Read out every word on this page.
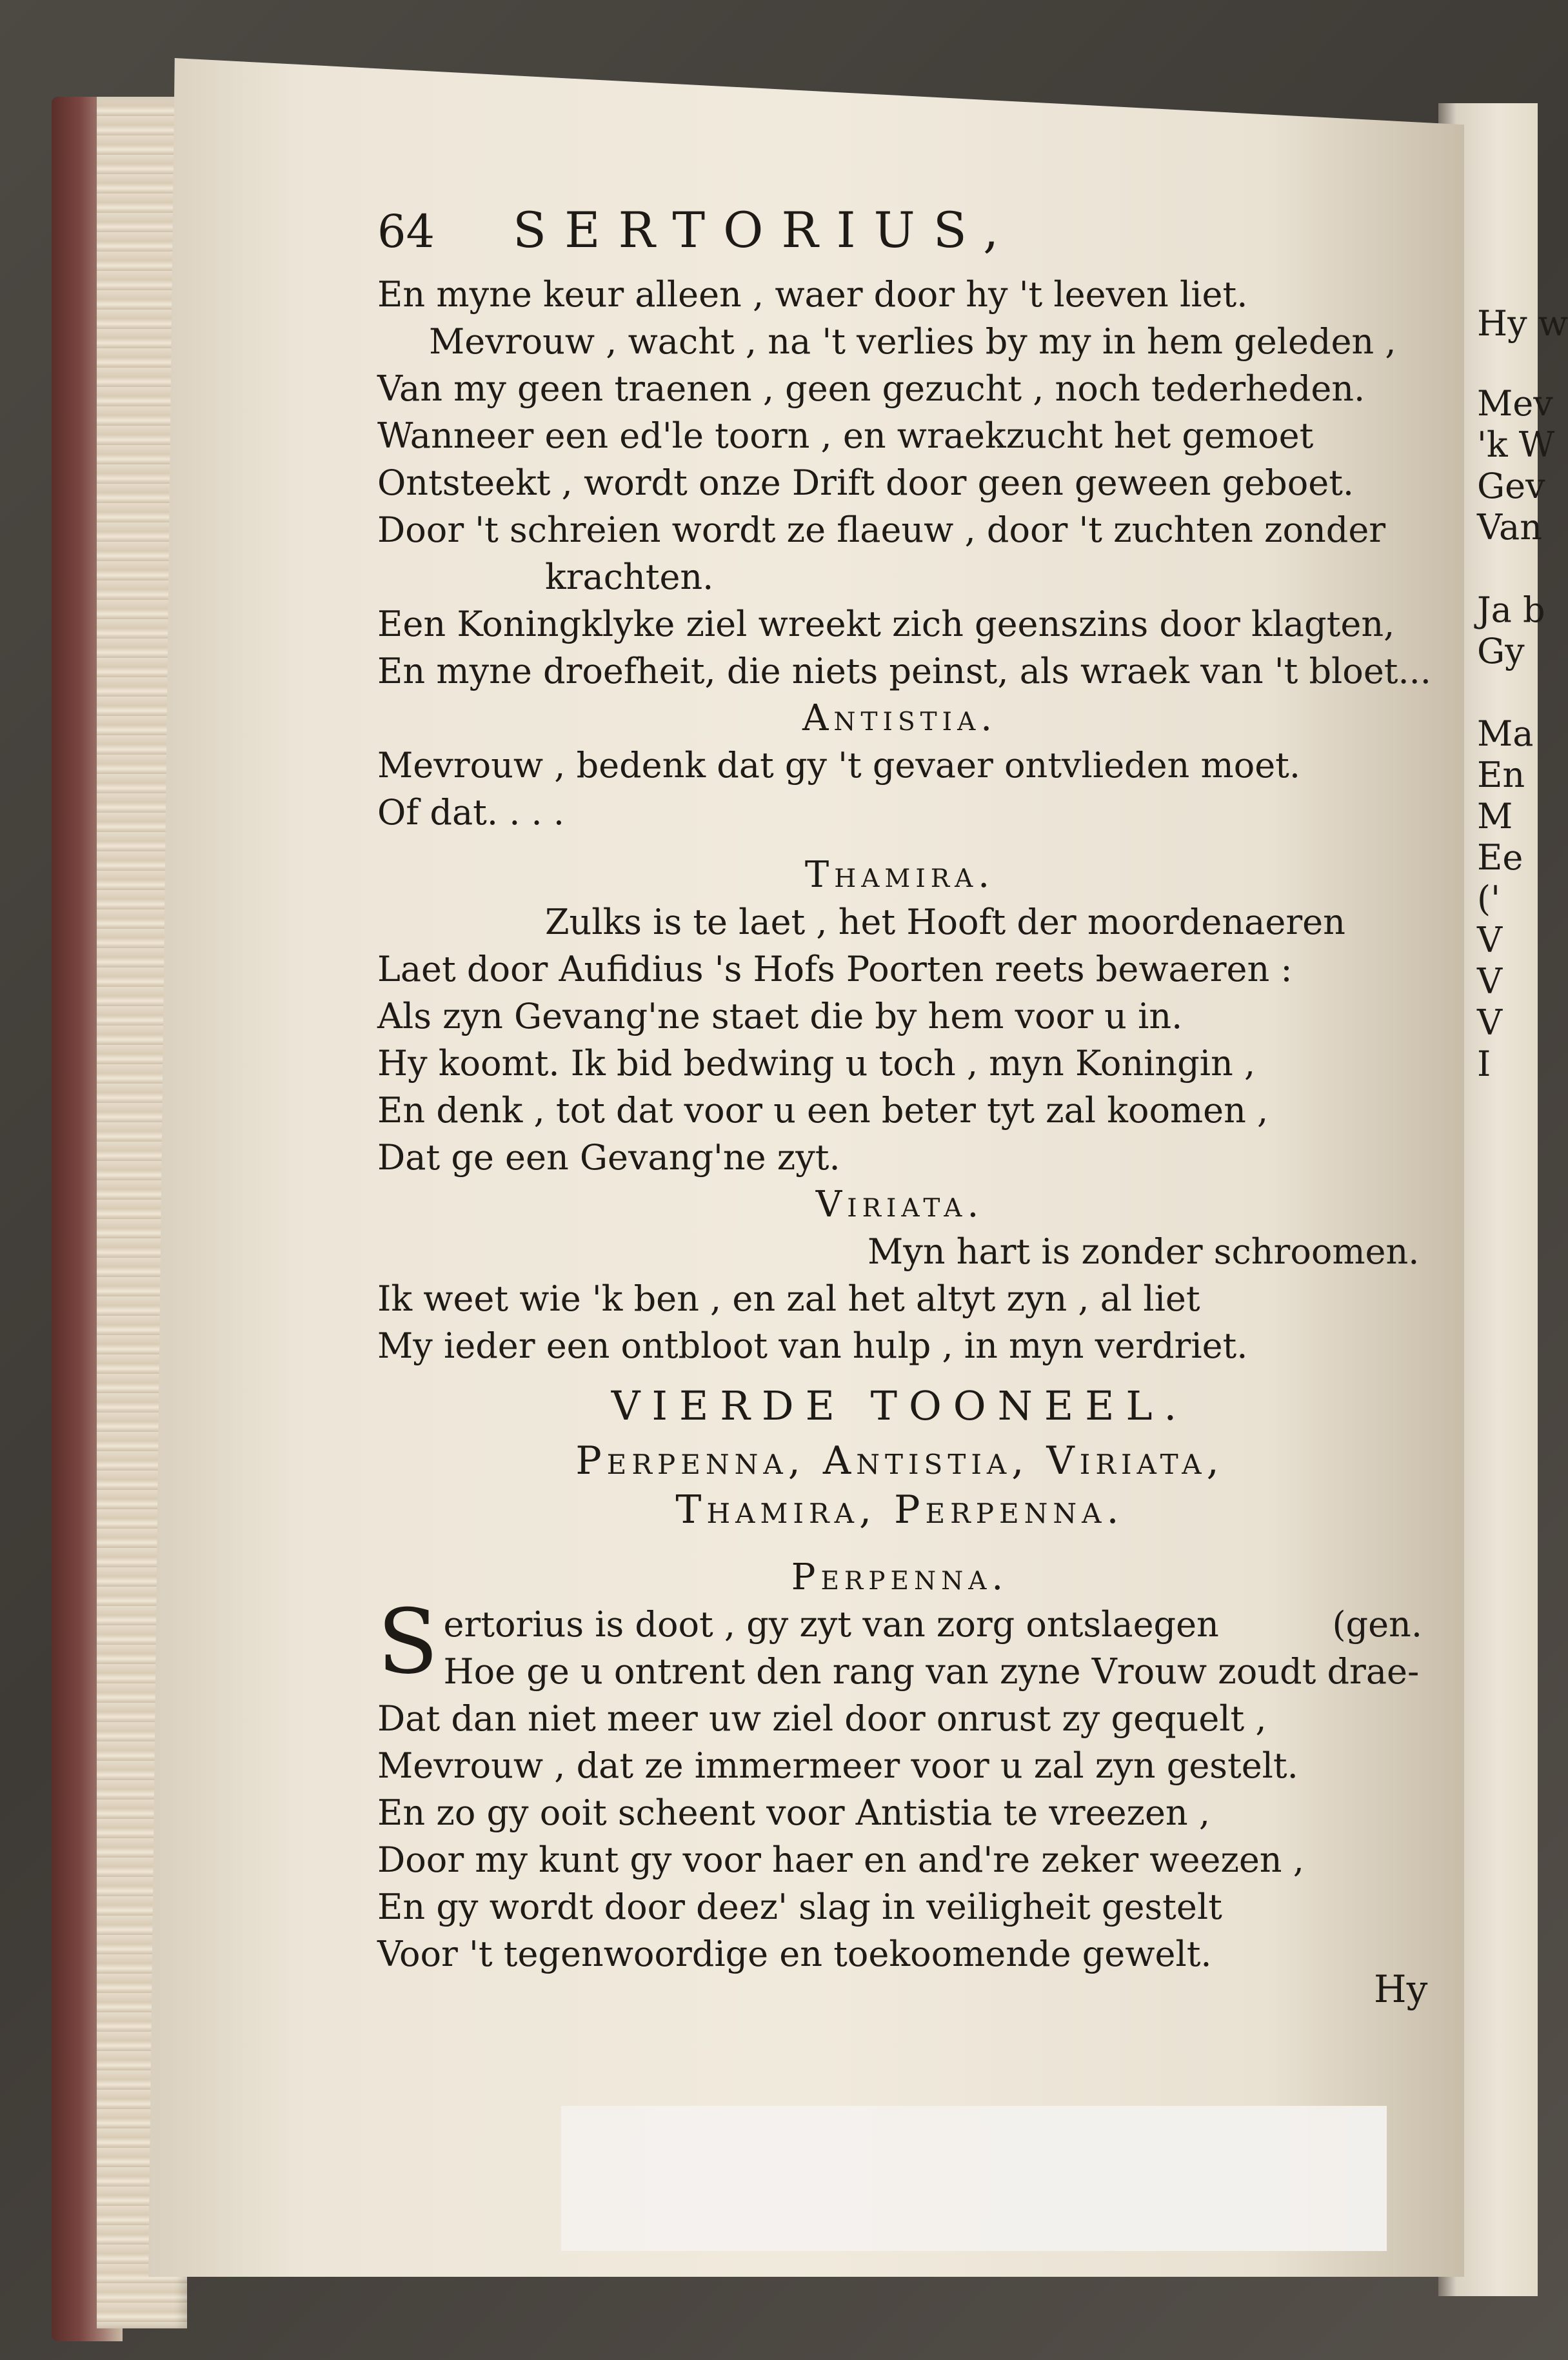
Hy w
Mev
'k W
Gev
Van
Ja b
Gy
Ma
En
M
Ee
('
V
V
V
I
64	SERTORIUS,
En myne keur alleen , waer door hy 't leeven liet.
Mevrouw , wacht , na 't verlies by my in hem geleden ,
Van my geen traenen , geen gezucht , noch tederheden.
Wanneer een ed'le toorn , en wraekzucht het gemoet
Ontsteekt , wordt onze Drift door geen geween geboet.
Door 't schreien wordt ze flaeuw , door 't zuchten zonder
krachten.
Een Koningklyke ziel wreekt zich geenszins door klagten,
En myne droefheit, die niets peinst, als wraek van 't bloet...
Antistia.
Mevrouw , bedenk dat gy 't gevaer ontvlieden moet.
Of dat. . . .
Thamira.
Zulks is te laet , het Hooft der moordenaeren
Laet door Aufidius 's Hofs Poorten reets bewaeren :
Als zyn Gevang'ne staet die by hem voor u in.
Hy koomt. Ik bid bedwing u toch , myn Koningin ,
En denk , tot dat voor u een beter tyt zal koomen ,
Dat ge een Gevang'ne zyt.
Viriata.
Myn hart is zonder schroomen.
Ik weet wie 'k ben , en zal het altyt zyn , al liet
My ieder een ontbloot van hulp , in myn verdriet.
VIERDE TOONEEL.
Perpenna, Antistia, Viriata,
Thamira, Perpenna.
Perpenna.
S ertorius is doot , gy zyt van zorg ontslaegen	(gen.
Hoe ge u ontrent den rang van zyne Vrouw zoudt drae-
Dat dan niet meer uw ziel door onrust zy gequelt ,
Mevrouw , dat ze immermeer voor u zal zyn gestelt.
En zo gy ooit scheent voor Antistia te vreezen ,
Door my kunt gy voor haer en and're zeker weezen ,
En gy wordt door deez' slag in veiligheit gestelt
Voor 't tegenwoordige en toekoomende gewelt.
Hy
